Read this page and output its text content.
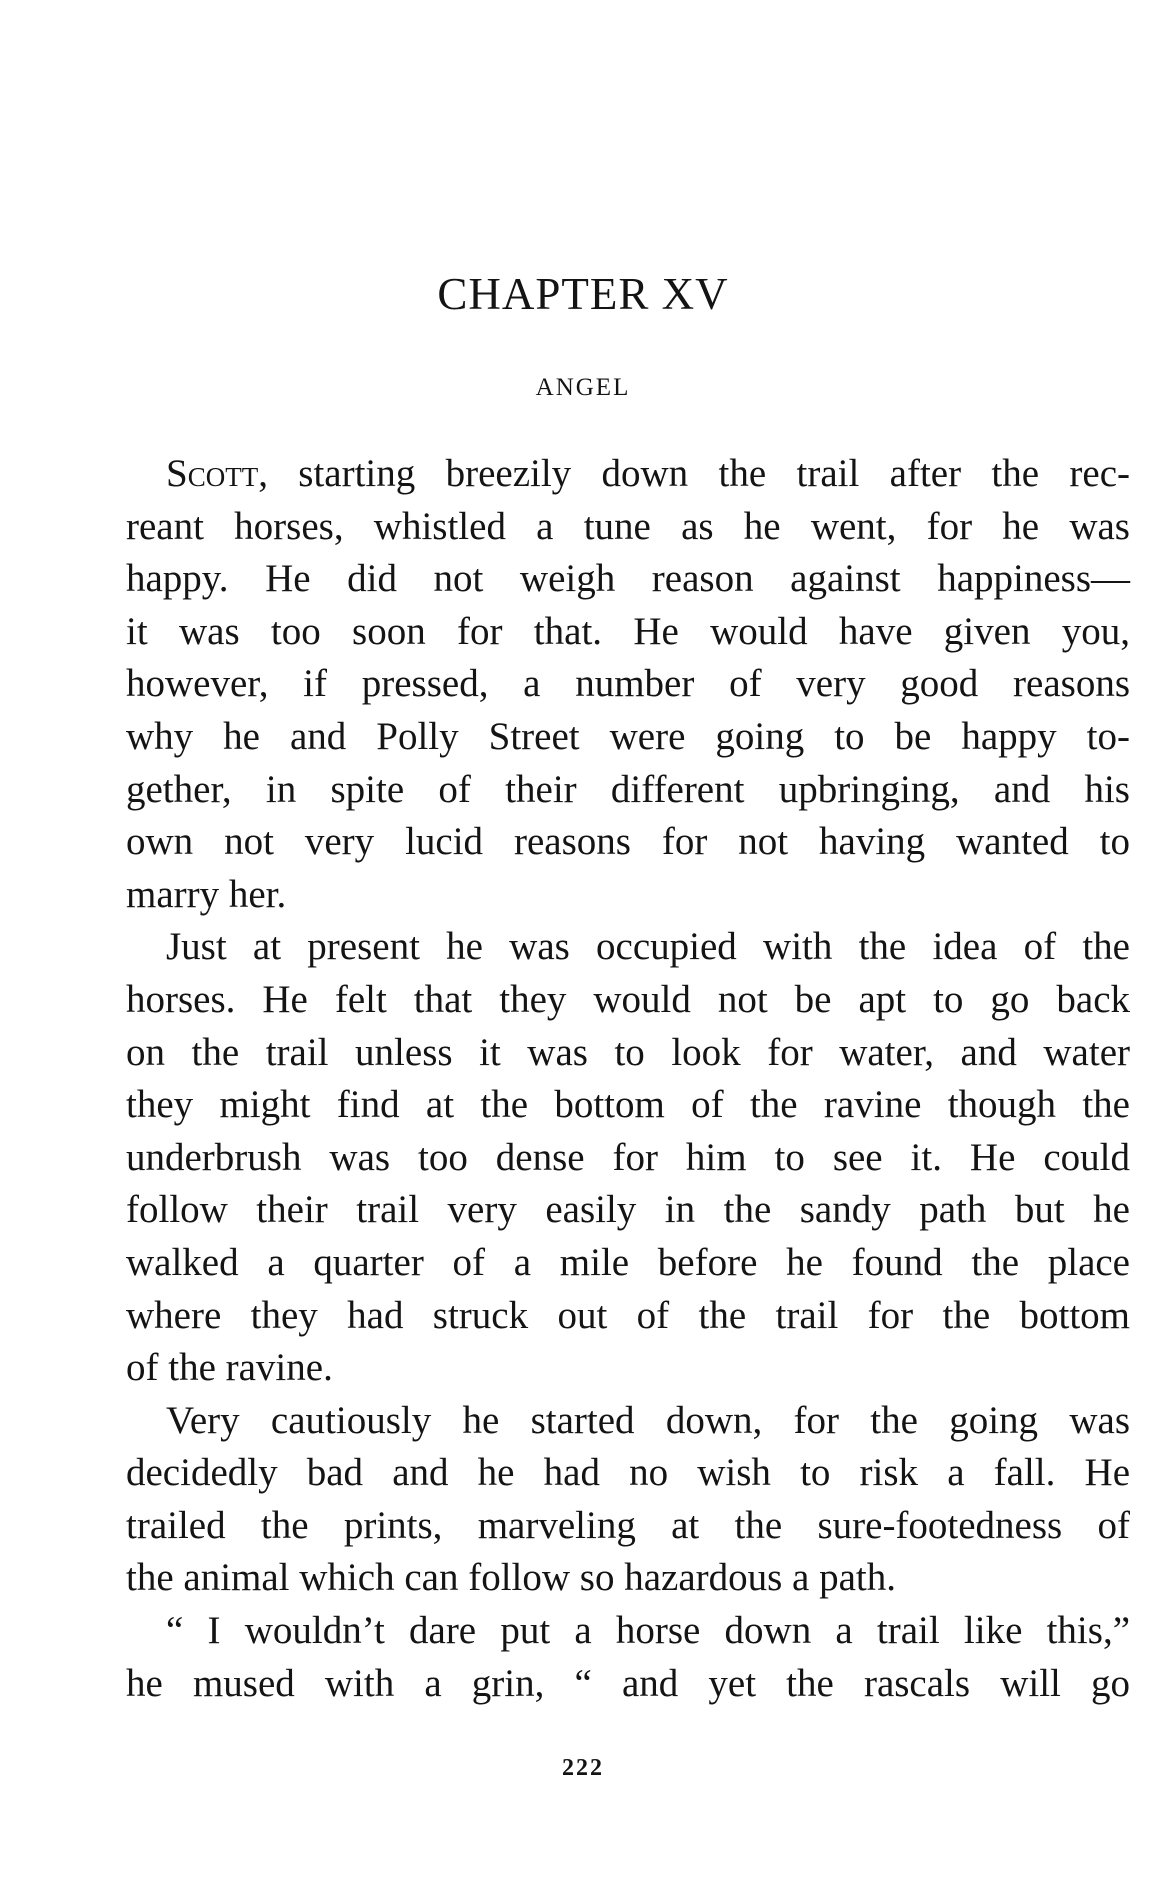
CHAPTER XV
ANGEL
Scott, starting breezily down the trail after the rec-
reant horses, whistled a tune as he went, for he was
happy. He did not weigh reason against happiness—
it was too soon for that. He would have given you,
however, if pressed, a number of very good reasons
why he and Polly Street were going to be happy to-
gether, in spite of their different upbringing, and his
own not very lucid reasons for not having wanted to
marry her.
Just at present he was occupied with the idea of the
horses. He felt that they would not be apt to go back
on the trail unless it was to look for water, and water
they might find at the bottom of the ravine though the
underbrush was too dense for him to see it. He could
follow their trail very easily in the sandy path but he
walked a quarter of a mile before he found the place
where they had struck out of the trail for the bottom
of the ravine.
Very cautiously he started down, for the going was
decidedly bad and he had no wish to risk a fall. He
trailed the prints, marveling at the sure-footedness of
the animal which can follow so hazardous a path.
“ I wouldn’t dare put a horse down a trail like this,”
he mused with a grin, “ and yet the rascals will go
222
